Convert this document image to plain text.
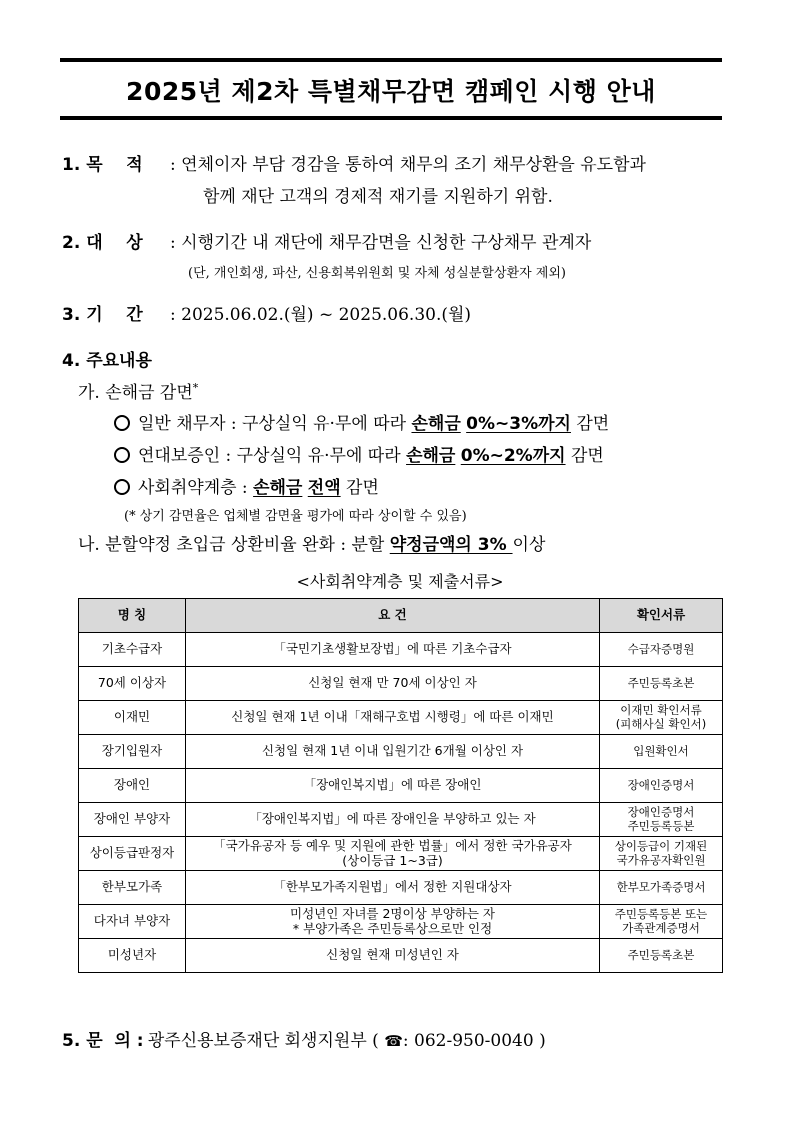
2025년 제2차 특별채무감면 캠페인 시행 안내
1. 목    적 : 연체이자 부담 경감을 통하여 채무의 조기 채무상환을 유도함과
함께 재단 고객의 경제적 재기를 지원하기 위함.
2. 대    상 : 시행기간 내 재단에 채무감면을 신청한 구상채무 관계자
(단, 개인회생, 파산, 신용회복위원회 및 자체 성실분할상환자 제외)
3. 기    간 : 2025.06.02.(월) ~ 2025.06.30.(월)
4. 주요내용
가. 손해금 감면*
일반 채무자 : 구상실익 유·무에 따라 손해금 0%~3%까지 감면
연대보증인 : 구상실익 유·무에 따라 손해금 0%~2%까지 감면
사회취약계층 : 손해금 전액 감면
(* 상기 감면율은 업체별 감면율 평가에 따라 상이할 수 있음)
나. 분할약정 초입금 상환비율 완화 : 분할 약정금액의 3% 이상
<사회취약계층 및 제출서류>
명 칭	요 건	확인서류
기초수급자	「국민기초생활보장법」에 따른 기초수급자	수급자증명원
70세 이상자	신청일 현재 만 70세 이상인 자	주민등록초본
이재민	신청일 현재 1년 이내「재해구호법 시행령」에 따른 이재민	이재민 확인서류
(피해사실 확인서)
장기입원자	신청일 현재 1년 이내 입원기간 6개월 이상인 자	입원확인서
장애인	「장애인복지법」에 따른 장애인	장애인증명서
장애인 부양자	「장애인복지법」에 따른 장애인을 부양하고 있는 자	장애인증명서
주민등록등본
상이등급판정자	「국가유공자 등 예우 및 지원에 관한 법률」에서 정한 국가유공자
(상이등급 1~3급)	상이등급이 기재된
국가유공자확인원
한부모가족	「한부모가족지원법」에서 정한 지원대상자	한부모가족증명서
다자녀 부양자	미성년인 자녀를 2명이상 부양하는 자
* 부양가족은 주민등록상으로만 인정	주민등록등본 또는
가족관계증명서
미성년자	신청일 현재 미성년인 자	주민등록초본
5. 문  의 : 광주신용보증재단 회생지원부 ( ☎: 062-950-0040 )
